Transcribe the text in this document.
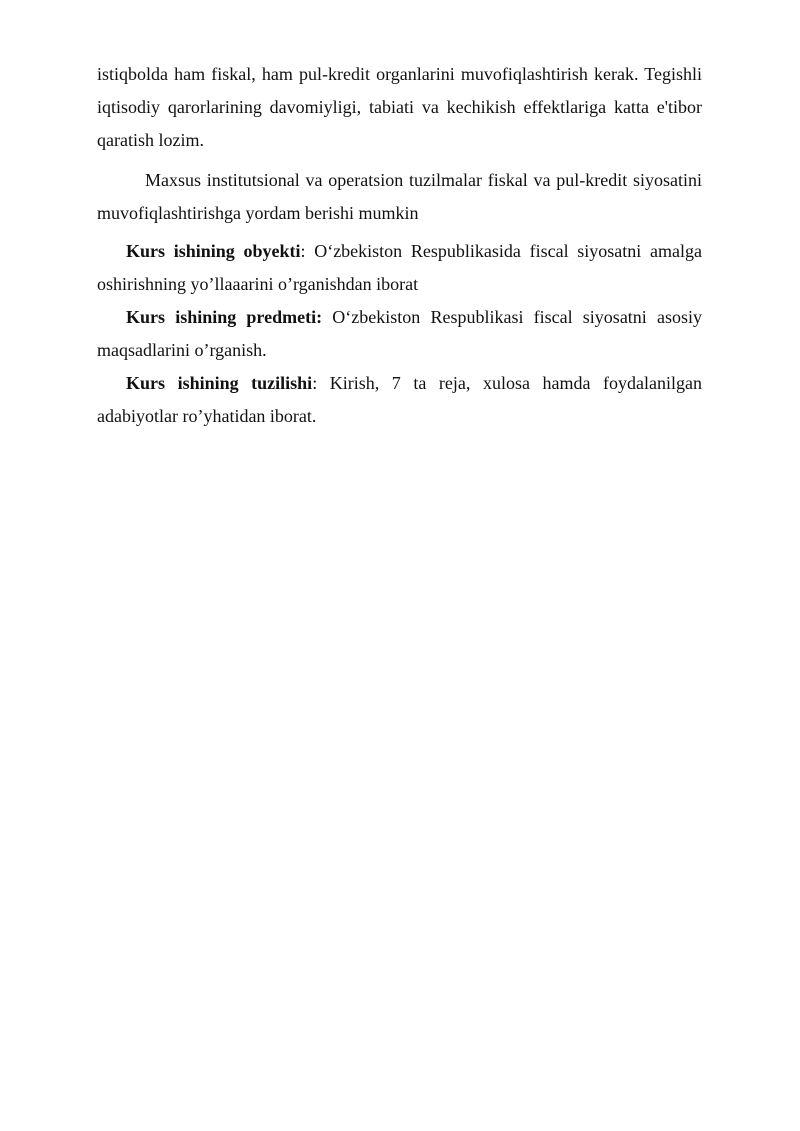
istiqbolda ham fiskal, ham pul-kredit organlarini muvofiqlashtirish kerak. Tegishli iqtisodiy qarorlarining davomiyligi, tabiati va kechikish effektlariga katta e'tibor qaratish lozim.

Maxsus institutsional va operatsion tuzilmalar fiskal va pul-kredit siyosatini muvofiqlashtirishga yordam berishi mumkin

Kurs ishining obyekti: O‘zbekiston Respublikasida fiscal siyosatni amalga oshirishning yo’llaaarini o’rganishdan iborat

Kurs ishining predmeti: O‘zbekiston Respublikasi fiscal siyosatni asosiy maqsadlarini o’rganish.

Kurs ishining tuzilishi: Kirish, 7 ta reja, xulosa hamda foydalanilgan adabiyotlar ro’yhatidan iborat.
